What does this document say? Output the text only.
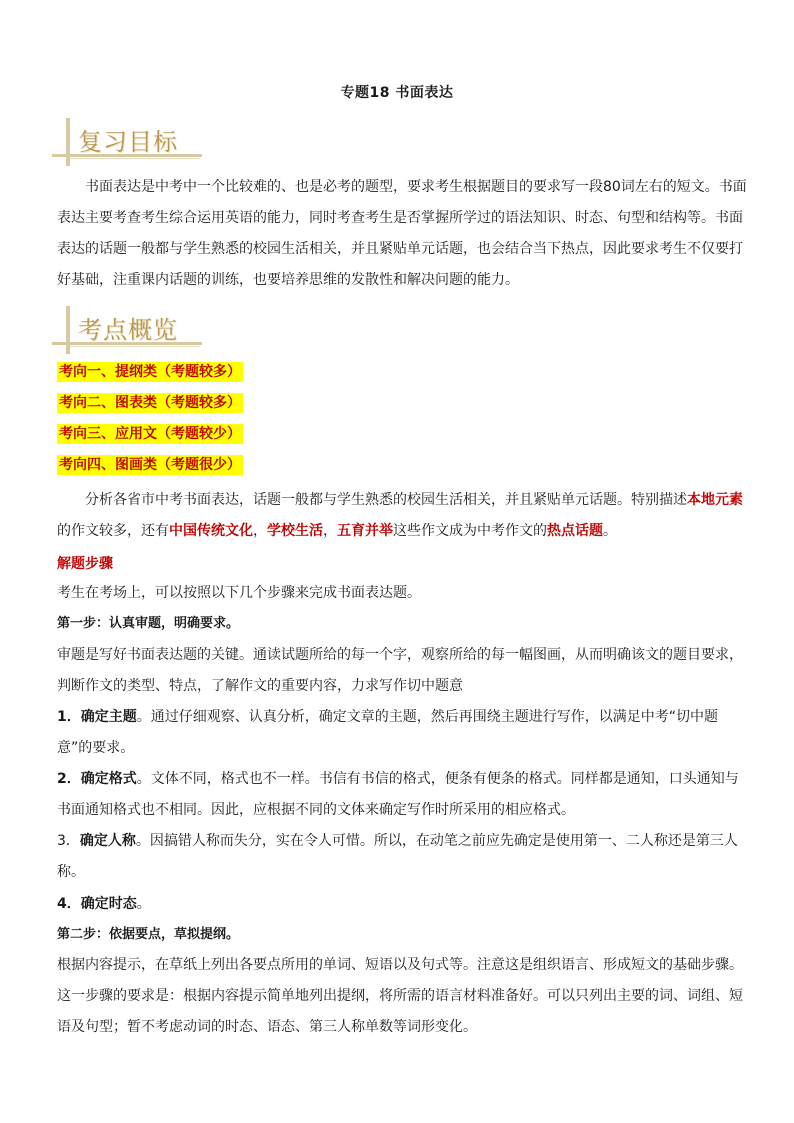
专题18 书面表达
复习目标

书面表达是中考中一个比较难的、也是必考的题型，要求考生根据题目的要求写一段80词左右的短文。书面表达主要考查考生综合运用英语的能力，同时考查考生是否掌握所学过的语法知识、时态、句型和结构等。书面表达的话题一般都与学生熟悉的校园生活相关，并且紧贴单元话题，也会结合当下热点，因此要求考生不仅要打好基础，注重课内话题的训练，也要培养思维的发散性和解决问题的能力。

考点概览
考向一、提纲类（考题较多）
考向二、图表类（考题较多）
考向三、应用文（考题较少）
考向四、图画类（考题很少）

分析各省市中考书面表达，话题一般都与学生熟悉的校园生活相关，并且紧贴单元话题。特别描述本地元素的作文较多，还有中国传统文化，学校生活，五育并举这些作文成为中考作文的热点话题。

解题步骤
考生在考场上，可以按照以下几个步骤来完成书面表达题。
第一步：认真审题，明确要求。

审题是写好书面表达题的关键。通读试题所给的每一个字，观察所给的每一幅图画，从而明确该文的题目要求，判断作文的类型、特点，了解作文的重要内容，力求写作切中题意

1．确定主题。通过仔细观察、认真分析，确定文章的主题，然后再围绕主题进行写作，以满足中考“切中题意”的要求。

2．确定格式。文体不同，格式也不一样。书信有书信的格式，便条有便条的格式。同样都是通知，口头通知与书面通知格式也不相同。因此，应根据不同的文体来确定写作时所采用的相应格式。

3．确定人称。因搞错人称而失分，实在令人可惜。所以，在动笔之前应先确定是使用第一、二人称还是第三人称。

4．确定时态。
第二步：依据要点，草拟提纲。

根据内容提示，在草纸上列出各要点所用的单词、短语以及句式等。注意这是组织语言、形成短文的基础步骤。这一步骤的要求是：根据内容提示简单地列出提纲，将所需的语言材料准备好。可以只列出主要的词、词组、短语及句型；暂不考虑动词的时态、语态、第三人称单数等词形变化。
